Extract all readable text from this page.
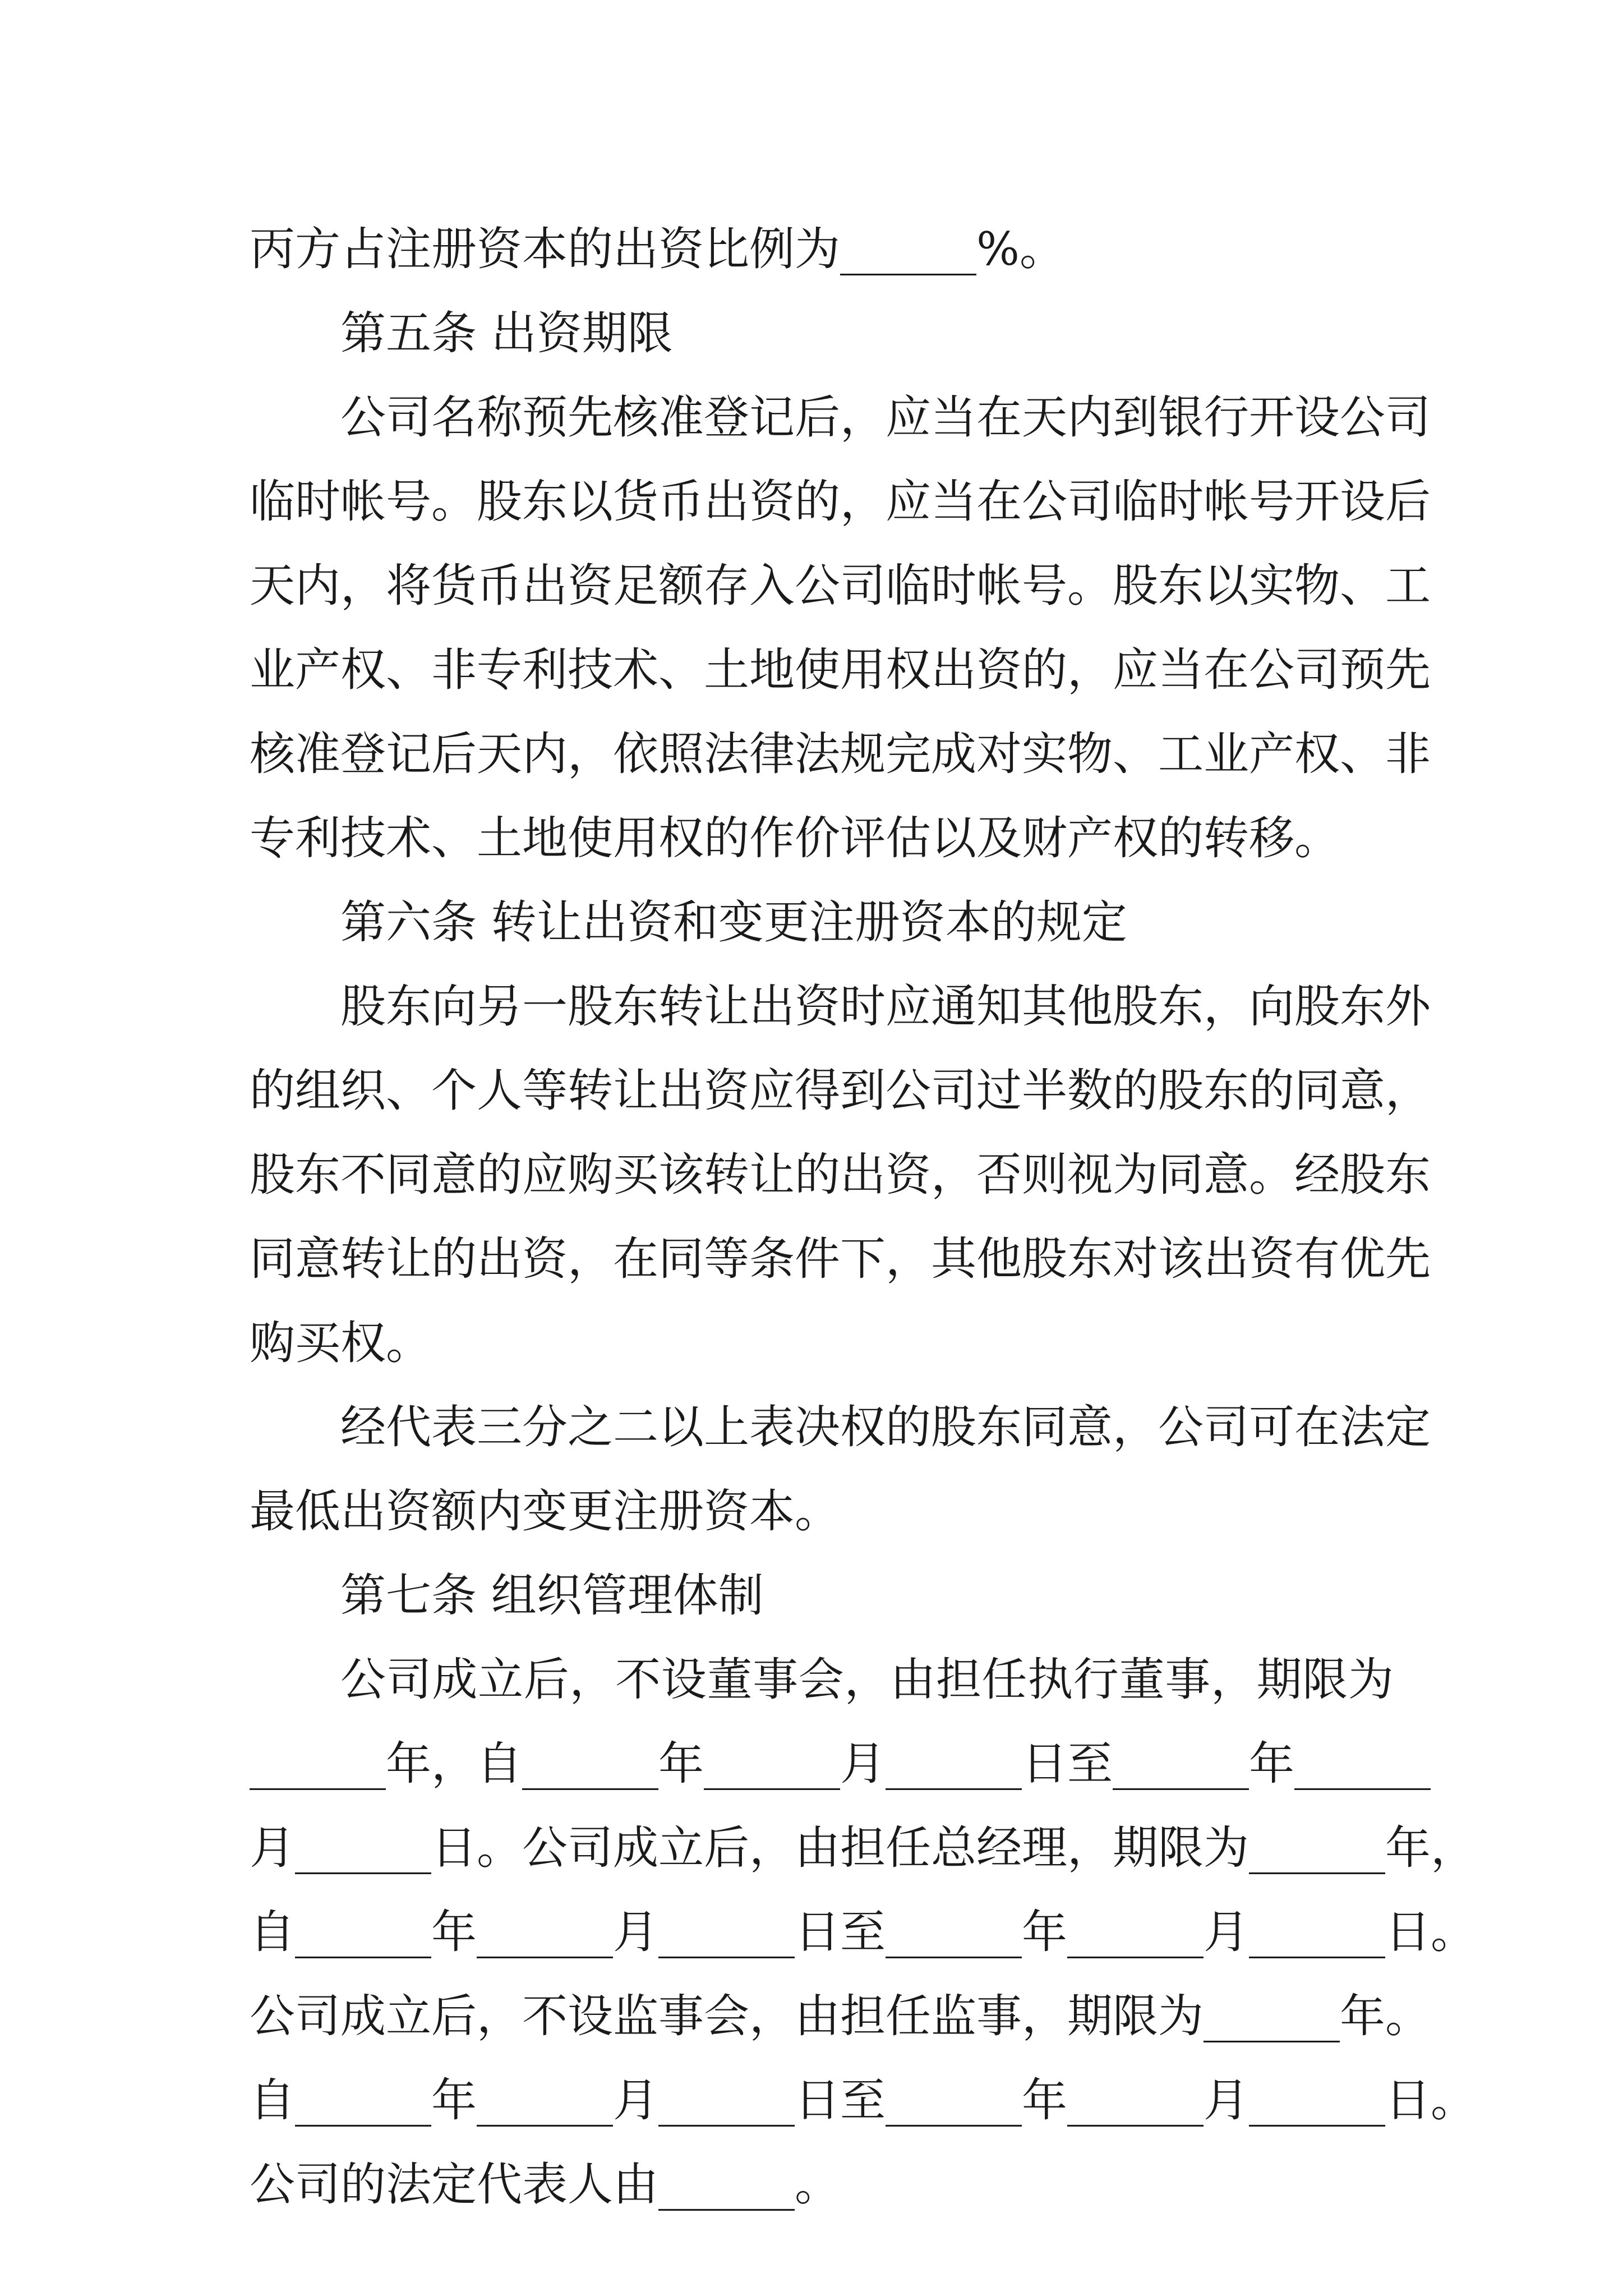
丙方占注册资本的出资比例为______%。
第五条 出资期限
公司名称预先核准登记后，应当在天内到银行开设公司
临时帐号。股东以货币出资的，应当在公司临时帐号开设后
天内，将货币出资足额存入公司临时帐号。股东以实物、工
业产权、非专利技术、土地使用权出资的，应当在公司预先
核准登记后天内，依照法律法规完成对实物、工业产权、非
专利技术、土地使用权的作价评估以及财产权的转移。
第六条 转让出资和变更注册资本的规定
股东向另一股东转让出资时应通知其他股东，向股东外
的组织、个人等转让出资应得到公司过半数的股东的同意，
股东不同意的应购买该转让的出资，否则视为同意。经股东
同意转让的出资，在同等条件下，其他股东对该出资有优先
购买权。
经代表三分之二以上表决权的股东同意，公司可在法定
最低出资额内变更注册资本。
第七条 组织管理体制
公司成立后，不设董事会，由担任执行董事，期限为
______年，自______年______月______日至______年______
月______日。公司成立后，由担任总经理，期限为______年，
自______年______月______日至______年______月______日。
公司成立后，不设监事会，由担任监事，期限为______年。
自______年______月______日至______年______月______日。
公司的法定代表人由______。
